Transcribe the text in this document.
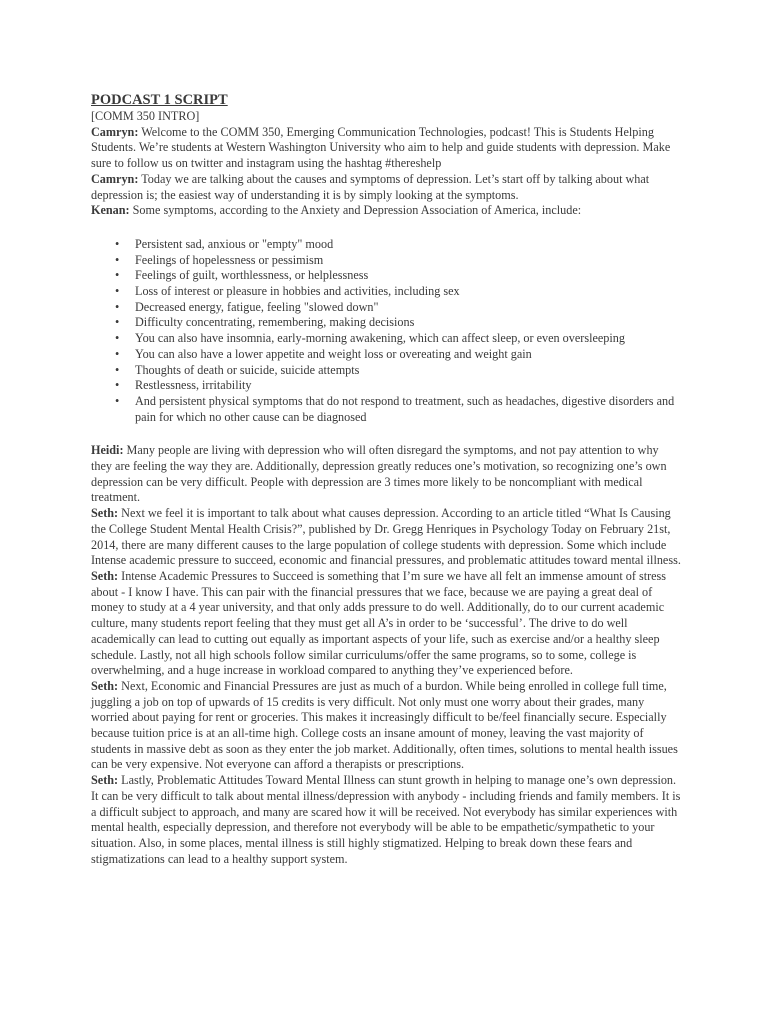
PODCAST 1 SCRIPT
[COMM 350 INTRO]

Camryn: Welcome to the COMM 350, Emerging Communication Technologies, podcast! This is Students Helping Students. We’re students at Western Washington University who aim to help and guide students with depression. Make sure to follow us on twitter and instagram using the hashtag #thereshelp

Camryn: Today we are talking about the causes and symptoms of depression. Let’s start off by talking about what depression is; the easiest way of understanding it is by simply looking at the symptoms.

Kenan: Some symptoms, according to the Anxiety and Depression Association of America, include:

• Persistent sad, anxious or "empty" mood
• Feelings of hopelessness or pessimism
• Feelings of guilt, worthlessness, or helplessness
• Loss of interest or pleasure in hobbies and activities, including sex
• Decreased energy, fatigue, feeling "slowed down"
• Difficulty concentrating, remembering, making decisions
• You can also have insomnia, early-morning awakening, which can affect sleep, or even oversleeping
• You can also have a lower appetite and weight loss or overeating and weight gain
• Thoughts of death or suicide, suicide attempts
• Restlessness, irritability
• And persistent physical symptoms that do not respond to treatment, such as headaches, digestive disorders and pain for which no other cause can be diagnosed

Heidi: Many people are living with depression who will often disregard the symptoms, and not pay attention to why they are feeling the way they are. Additionally, depression greatly reduces one’s motivation, so recognizing one’s own depression can be very difficult. People with depression are 3 times more likely to be noncompliant with medical treatment.

Seth: Next we feel it is important to talk about what causes depression. According to an article titled “What Is Causing the College Student Mental Health Crisis?”, published by Dr. Gregg Henriques in Psychology Today on February 21st, 2014, there are many different causes to the large population of college students with depression. Some which include Intense academic pressure to succeed, economic and financial pressures, and problematic attitudes toward mental illness.

Seth: Intense Academic Pressures to Succeed is something that I’m sure we have all felt an immense amount of stress about - I know I have. This can pair with the financial pressures that we face, because we are paying a great deal of money to study at a 4 year university, and that only adds pressure to do well. Additionally, do to our current academic culture, many students report feeling that they must get all A’s in order to be ‘successful’. The drive to do well academically can lead to cutting out equally as important aspects of your life, such as exercise and/or a healthy sleep schedule. Lastly, not all high schools follow similar curriculums/offer the same programs, so to some, college is overwhelming, and a huge increase in workload compared to anything they’ve experienced before.

Seth: Next, Economic and Financial Pressures are just as much of a burdon. While being enrolled in college full time, juggling a job on top of upwards of 15 credits is very difficult. Not only must one worry about their grades, many worried about paying for rent or groceries. This makes it increasingly difficult to be/feel financially secure. Especially because tuition price is at an all-time high. College costs an insane amount of money, leaving the vast majority of students in massive debt as soon as they enter the job market. Additionally, often times, solutions to mental health issues can be very expensive. Not everyone can afford a therapists or prescriptions.

Seth: Lastly, Problematic Attitudes Toward Mental Illness can stunt growth in helping to manage one’s own depression. It can be very difficult to talk about mental illness/depression with anybody - including friends and family members. It is a difficult subject to approach, and many are scared how it will be received. Not everybody has similar experiences with mental health, especially depression, and therefore not everybody will be able to be empathetic/sympathetic to your situation. Also, in some places, mental illness is still highly stigmatized. Helping to break down these fears and stigmatizations can lead to a healthy support system.
